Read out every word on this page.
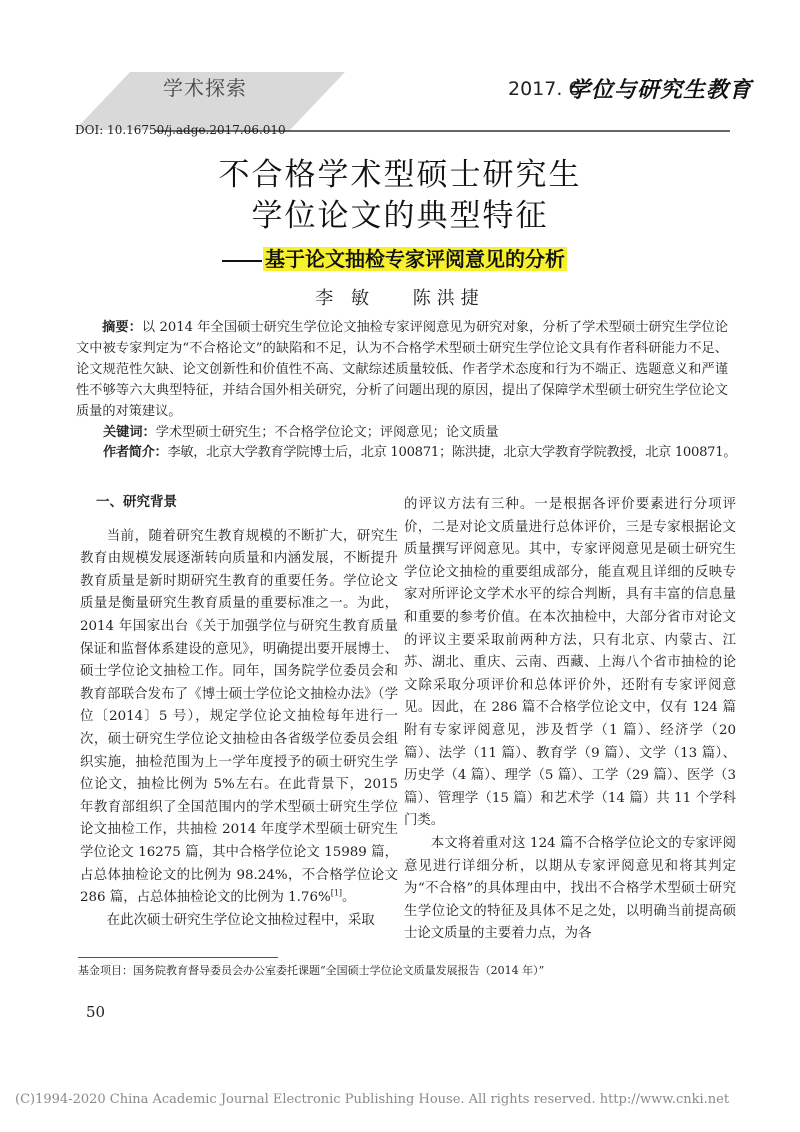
学术探索	2017. 6
学位与研究生教育
DOI: 10.16750/j.adge.2017.06.010
不合格学术型硕士研究生
学位论文的典型特征
基于论文抽检专家评阅意见的分析
李 敏 陈洪捷
摘要：以 2014 年全国硕士研究生学位论文抽检专家评阅意见为研究对象，分析了学术型硕士研究生学位论文中被专家判定为“不合格论文”的缺陷和不足，认为不合格学术型硕士研究生学位论文具有作者科研能力不足、论文规范性欠缺、论文创新性和价值性不高、文献综述质量较低、作者学术态度和行为不端正、选题意义和严谨性不够等六大典型特征，并结合国外相关研究，分析了问题出现的原因，提出了保障学术型硕士研究生学位论文质量的对策建议。
关键词：学术型硕士研究生；不合格学位论文；评阅意见；论文质量
作者简介：李敏，北京大学教育学院博士后，北京 100871；陈洪捷，北京大学教育学院教授，北京 100871。
一、研究背景

当前，随着研究生教育规模的不断扩大，研究生教育由规模发展逐渐转向质量和内涵发展，不断提升教育质量是新时期研究生教育的重要任务。学位论文质量是衡量研究生教育质量的重要标准之一。为此，2014 年国家出台《关于加强学位与研究生教育质量保证和监督体系建设的意见》，明确提出要开展博士、硕士学位论文抽检工作。同年，国务院学位委员会和教育部联合发布了《博士硕士学位论文抽检办法》（学位〔2014〕5 号），规定学位论文抽检每年进行一次，硕士研究生学位论文抽检由各省级学位委员会组织实施，抽检范围为上一学年度授予的硕士研究生学位论文，抽检比例为 5%左右。在此背景下，2015 年教育部组织了全国范围内的学术型硕士研究生学位论文抽检工作，共抽检 2014 年度学术型硕士研究生学位论文 16275 篇，其中合格学位论文 15989 篇，占总体抽检论文的比例为 98.24%，不合格学位论文 286 篇，占总体抽检论文的比例为 1.76%[1]。

在此次硕士研究生学位论文抽检过程中，采取

的评议方法有三种。一是根据各评价要素进行分项评价，二是对论文质量进行总体评价，三是专家根据论文质量撰写评阅意见。其中，专家评阅意见是硕士研究生学位论文抽检的重要组成部分，能直观且详细的反映专家对所评论文学术水平的综合判断，具有丰富的信息量和重要的参考价值。在本次抽检中，大部分省市对论文的评议主要采取前两种方法，只有北京、内蒙古、江苏、湖北、重庆、云南、西藏、上海八个省市抽检的论文除采取分项评价和总体评价外，还附有专家评阅意见。因此，在 286 篇不合格学位论文中，仅有 124 篇附有专家评阅意见，涉及哲学（1 篇）、经济学（20 篇）、法学（11 篇）、教育学（9 篇）、文学（13 篇）、历史学（4 篇）、理学（5 篇）、工学（29 篇）、医学（3 篇）、管理学（15 篇）和艺术学（14 篇）共 11 个学科门类。

本文将着重对这 124 篇不合格学位论文的专家评阅意见进行详细分析，以期从专家评阅意见和将其判定为“不合格”的具体理由中，找出不合格学术型硕士研究生学位论文的特征及具体不足之处，以明确当前提高硕士论文质量的主要着力点，为各

基金项目：国务院教育督导委员会办公室委托课题“全国硕士学位论文质量发展报告（2014 年）”
50
(C)1994-2020 China Academic Journal Electronic Publishing House. All rights reserved. http://www.cnki.net
